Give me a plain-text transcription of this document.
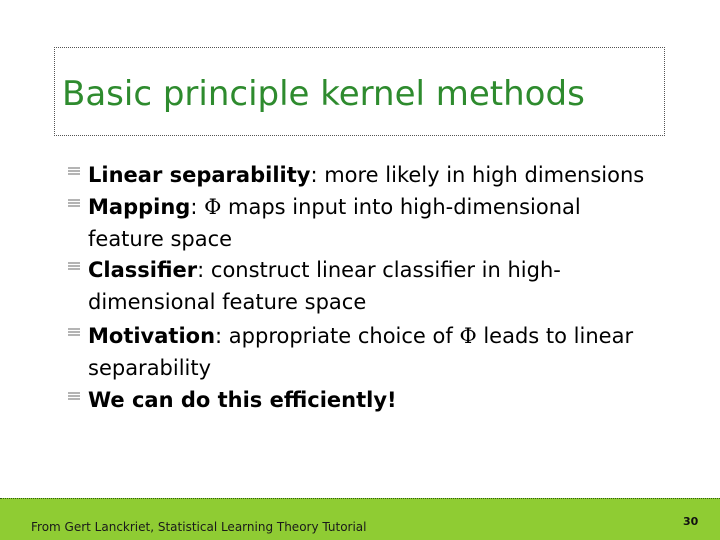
Basic principle kernel methods

Linear separability: more likely in high dimensions

Mapping: Φ maps input into high-dimensional feature space

Classifier: construct linear classifier in high-dimensional feature space

Motivation: appropriate choice of Φ leads to linear separability

We can do this efficiently!

From Gert Lanckriet, Statistical Learning Theory Tutorial	30
